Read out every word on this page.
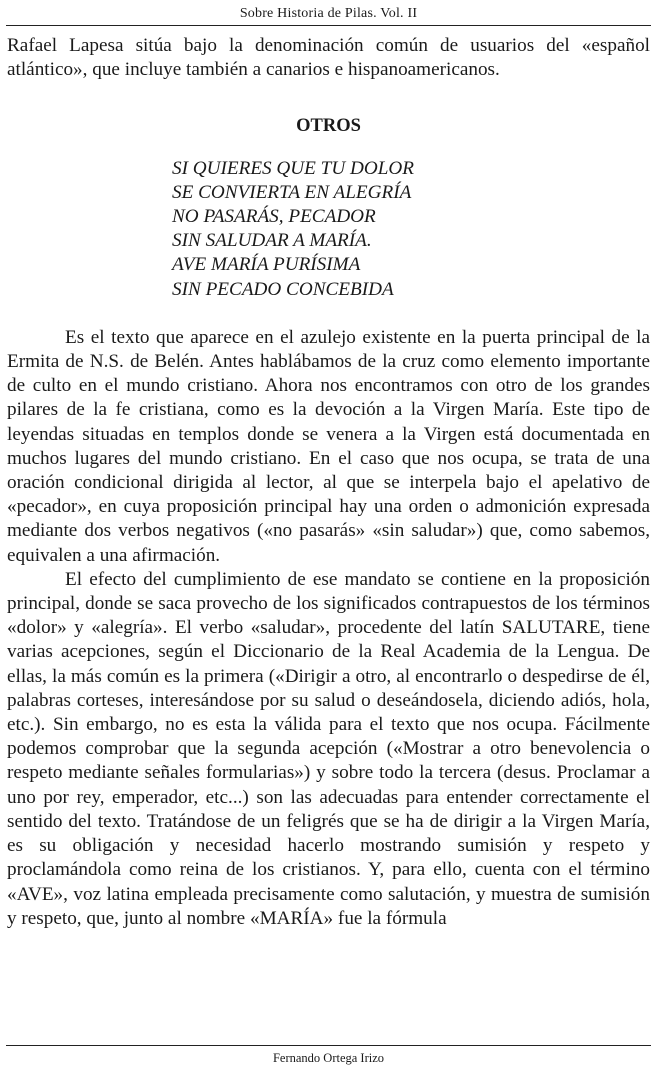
Sobre Historia de Pilas. Vol. II

Rafael Lapesa sitúa bajo la denominación común de usuarios del «español atlántico», que incluye también a canarios e hispanoamericanos.

OTROS
SI QUIERES QUE TU DOLOR
SE CONVIERTA EN ALEGRÍA
NO PASARÁS, PECADOR
SIN SALUDAR A MARÍA.
AVE MARÍA PURÍSIMA
SIN PECADO CONCEBIDA

Es el texto que aparece en el azulejo existente en la puerta principal de la Ermita de N.S. de Belén. Antes hablábamos de la cruz como elemento importante de culto en el mundo cristiano. Ahora nos encontramos con otro de los grandes pilares de la fe cristiana, como es la devoción a la Virgen María. Este tipo de leyendas situadas en templos donde se venera a la Virgen está documentada en muchos lugares del mundo cristiano. En el caso que nos ocupa, se trata de una oración condicional dirigida al lector, al que se interpela bajo el apelativo de «pecador», en cuya proposición principal hay una orden o admonición expresada mediante dos verbos negativos («no pasarás» «sin saludar») que, como sabemos, equivalen a una afirmación.

El efecto del cumplimiento de ese mandato se contiene en la proposición principal, donde se saca provecho de los significados contrapuestos de los términos «dolor» y «alegría». El verbo «saludar», procedente del latín SALUTARE, tiene varias acepciones, según el Diccionario de la Real Academia de la Lengua. De ellas, la más común es la primera («Dirigir a otro, al encontrarlo o despedirse de él, palabras corteses, interesándose por su salud o deseándosela, diciendo adiós, hola, etc.). Sin embargo, no es esta la válida para el texto que nos ocupa. Fácilmente podemos comprobar que la segunda acepción («Mostrar a otro benevolencia o respeto mediante señales formularias») y sobre todo la tercera (desus. Proclamar a uno por rey, emperador, etc...) son las adecuadas para entender correctamente el sentido del texto. Tratándose de un feligrés que se ha de dirigir a la Virgen María, es su obligación y necesidad hacerlo mostrando sumisión y respeto y proclamándola como reina de los cristianos. Y, para ello, cuenta con el término «AVE», voz latina empleada precisamente como salutación, y muestra de sumisión y respeto, que, junto al nombre «MARÍA» fue la fórmula

Fernando Ortega Irizo
